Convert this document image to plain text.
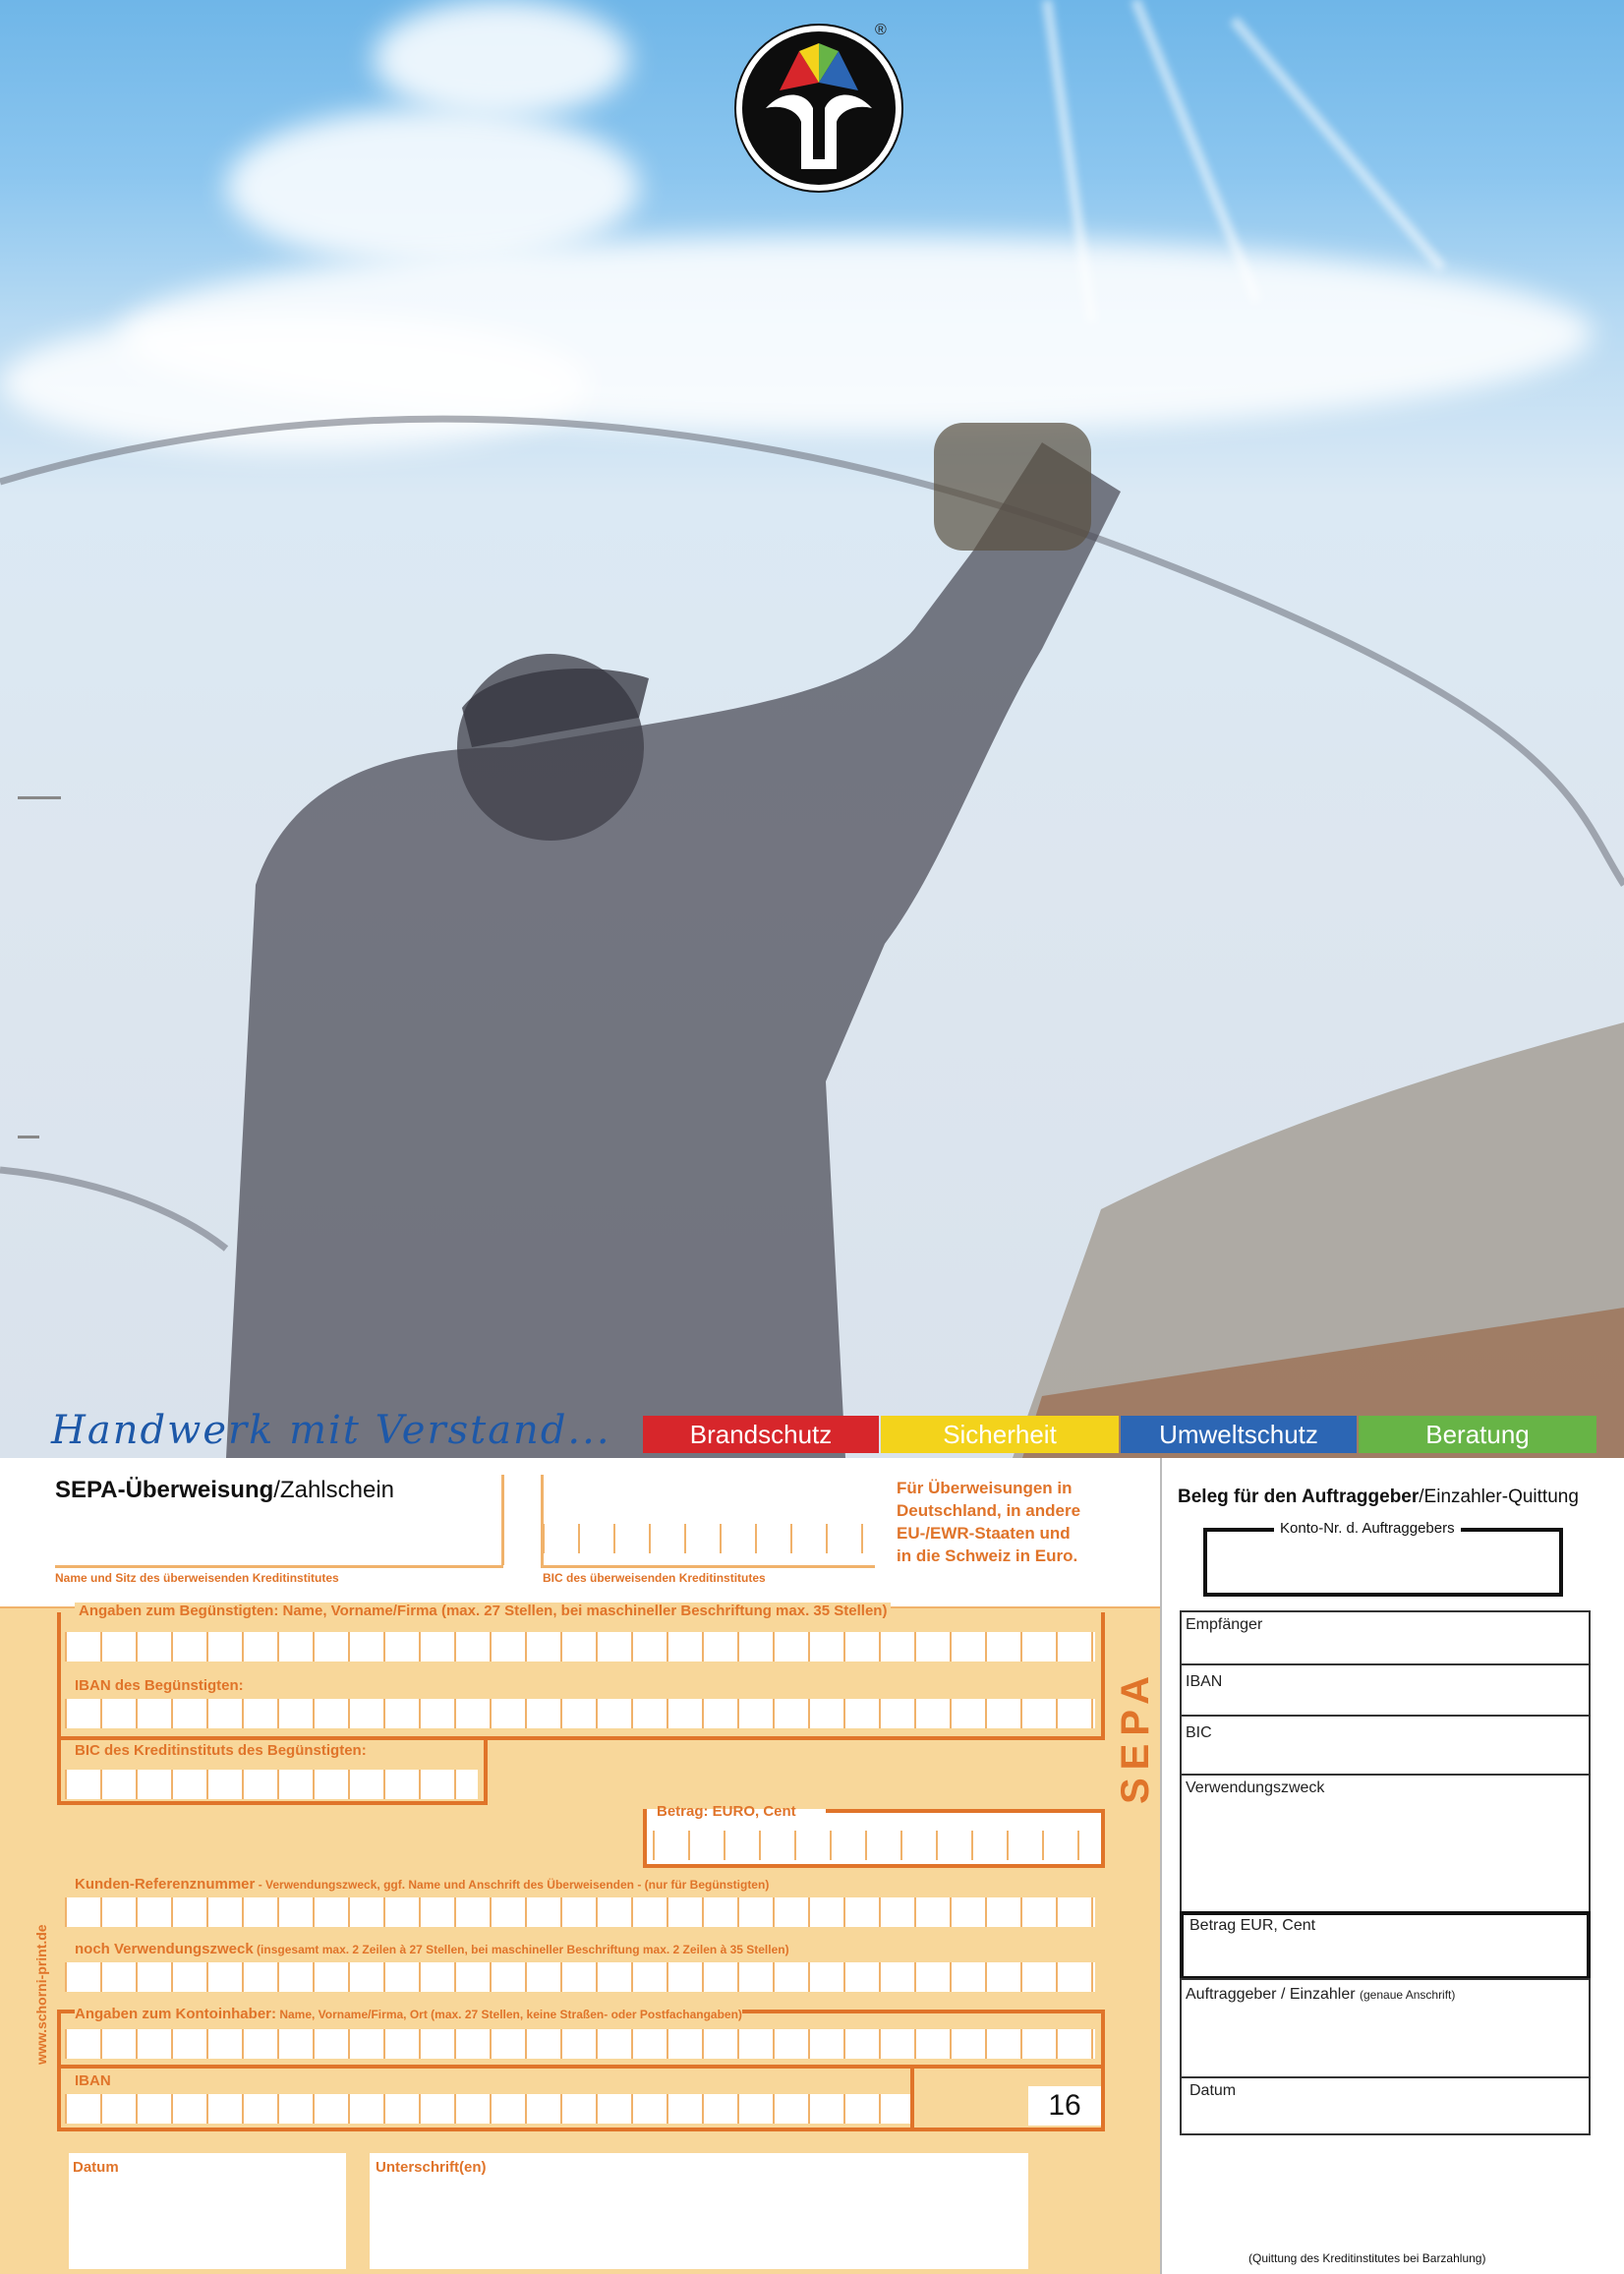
®
Handwerk mit Verstand...	Brandschutz	Sicherheit	Umweltschutz	Beratung
SEPA-Überweisung/Zahlschein
Name und Sitz des überweisenden Kreditinstitutes	BIC des überweisenden Kreditinstitutes
Für Überweisungen in
Deutschland, in andere
EU-/EWR-Staaten und
in die Schweiz in Euro.
Angaben zum Begünstigten: Name, Vorname/Firma (max. 27 Stellen, bei maschineller Beschriftung max. 35 Stellen)
IBAN des Begünstigten:
BIC des Kreditinstituts des Begünstigten:
Betrag: EURO, Cent
Kunden-Referenznummer - Verwendungszweck, ggf. Name und Anschrift des Überweisenden - (nur für Begünstigten)
noch Verwendungszweck (insgesamt max. 2 Zeilen à 27 Stellen, bei maschineller Beschriftung max. 2 Zeilen à 35 Stellen)
Angaben zum Kontoinhaber: Name, Vorname/Firma, Ort (max. 27 Stellen, keine Straßen- oder Postfachangaben)
IBAN
16
SEPA
www.schorni-print.de
Datum	Unterschrift(en)
Beleg für den Auftraggeber/Einzahler-Quittung
Konto-Nr. d. Auftraggebers
Empfänger
IBAN
BIC
Verwendungszweck
Betrag EUR, Cent
Auftraggeber / Einzahler (genaue Anschrift)
Datum
(Quittung des Kreditinstitutes bei Barzahlung)
